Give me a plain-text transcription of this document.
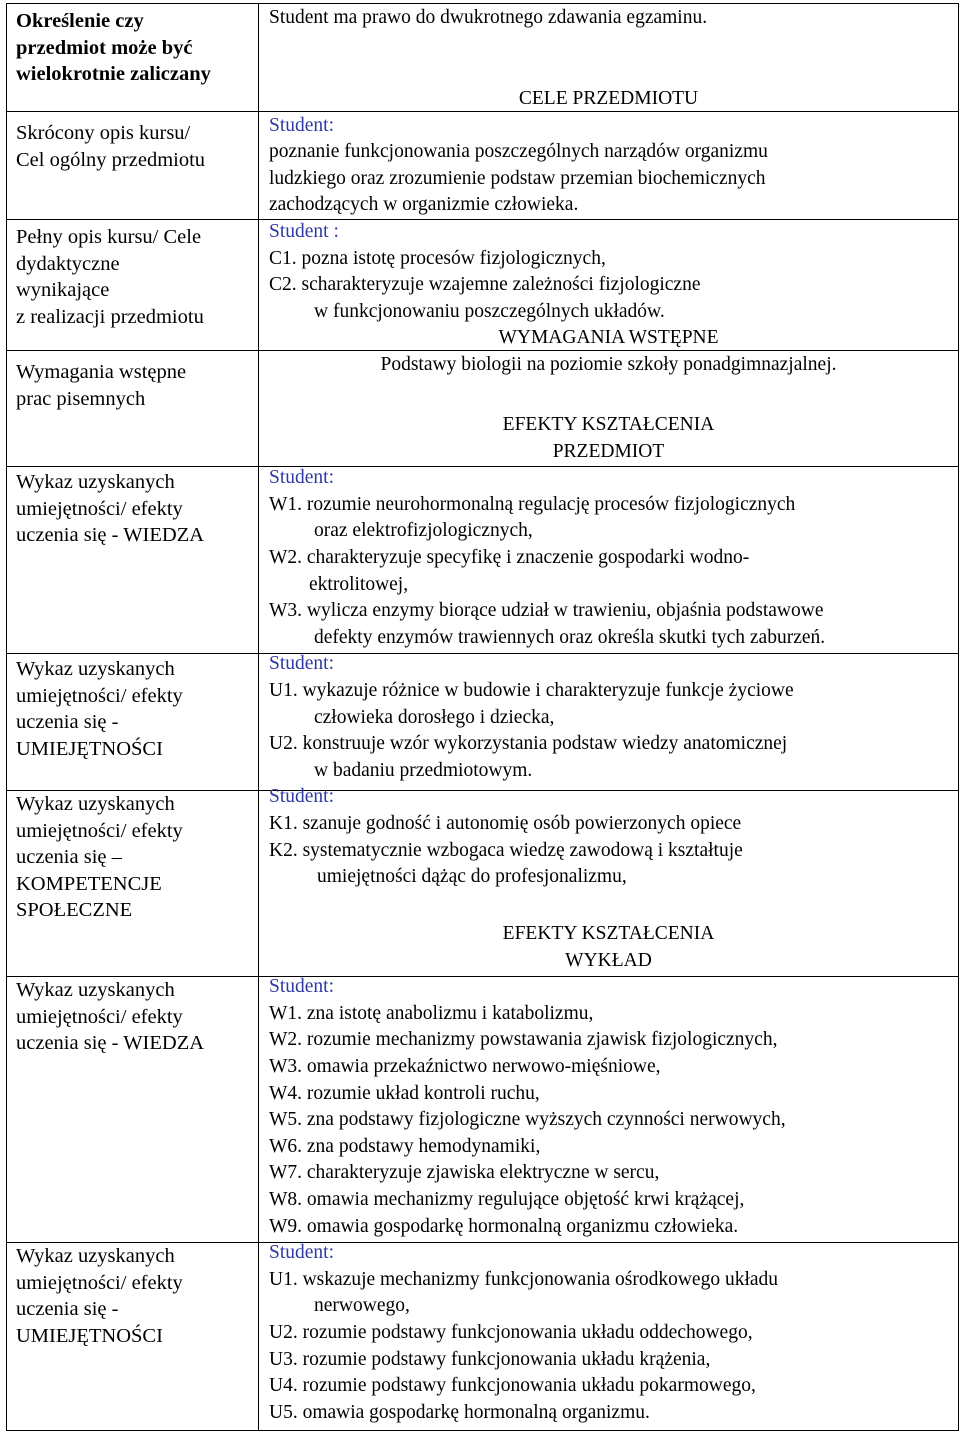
Określenie czy
przedmiot może być
wielokrotnie zaliczany
Student ma prawo do dwukrotnego zdawania egzaminu.
Skrócony opis kursu/
Cel ogólny przedmiotu
Pełny opis kursu/ Cele
dydaktyczne
wynikające
z realizacji przedmiotu
Wymagania wstępne
prac pisemnych
Wykaz uzyskanych
umiejętności/ efekty
uczenia się - WIEDZA
Wykaz uzyskanych
umiejętności/ efekty
uczenia się -
UMIEJĘTNOŚCI
Wykaz uzyskanych
umiejętności/ efekty
uczenia się –
KOMPETENCJE
SPOŁECZNE
Wykaz uzyskanych
umiejętności/ efekty
uczenia się - WIEDZA
Wykaz uzyskanych
umiejętności/ efekty
uczenia się -
UMIEJĘTNOŚCI
CELE PRZEDMIOTU
Student:
poznanie funkcjonowania poszczególnych narządów organizmu
ludzkiego oraz zrozumienie podstaw przemian biochemicznych
zachodzących w organizmie człowieka.
Student :
C1. pozna istotę procesów fizjologicznych,
C2. scharakteryzuje wzajemne zależności fizjologiczne
w funkcjonowaniu poszczególnych układów.
WYMAGANIA WSTĘPNE
Podstawy biologii na poziomie szkoły ponadgimnazjalnej.
EFEKTY KSZTAŁCENIA
PRZEDMIOT
Student:
W1. rozumie neurohormonalną regulację procesów fizjologicznych
oraz elektrofizjologicznych,
W2. charakteryzuje specyfikę i znaczenie gospodarki wodno-
ektrolitowej,
W3. wylicza enzymy biorące udział w trawieniu, objaśnia podstawowe
defekty enzymów trawiennych oraz określa skutki tych zaburzeń.
Student:
U1. wykazuje różnice w budowie i charakteryzuje funkcje życiowe
człowieka dorosłego i dziecka,
U2. konstruuje wzór wykorzystania podstaw wiedzy anatomicznej
w badaniu przedmiotowym.
Student:
K1. szanuje godność i autonomię osób powierzonych opiece
K2. systematycznie wzbogaca wiedzę zawodową i kształtuje
umiejętności dążąc do profesjonalizmu,
EFEKTY KSZTAŁCENIA
WYKŁAD
Student:
W1. zna istotę anabolizmu i katabolizmu,
W2. rozumie mechanizmy powstawania zjawisk fizjologicznych,
W3. omawia przekaźnictwo nerwowo-mięśniowe,
W4. rozumie układ kontroli ruchu,
W5. zna podstawy fizjologiczne wyższych czynności nerwowych,
W6. zna podstawy hemodynamiki,
W7. charakteryzuje zjawiska elektryczne w sercu,
W8. omawia mechanizmy regulujące objętość krwi krążącej,
W9. omawia gospodarkę hormonalną organizmu człowieka.
Student:
U1. wskazuje mechanizmy funkcjonowania ośrodkowego układu
nerwowego,
U2. rozumie podstawy funkcjonowania układu oddechowego,
U3. rozumie podstawy funkcjonowania układu krążenia,
U4. rozumie podstawy funkcjonowania układu pokarmowego,
U5. omawia gospodarkę hormonalną organizmu.
